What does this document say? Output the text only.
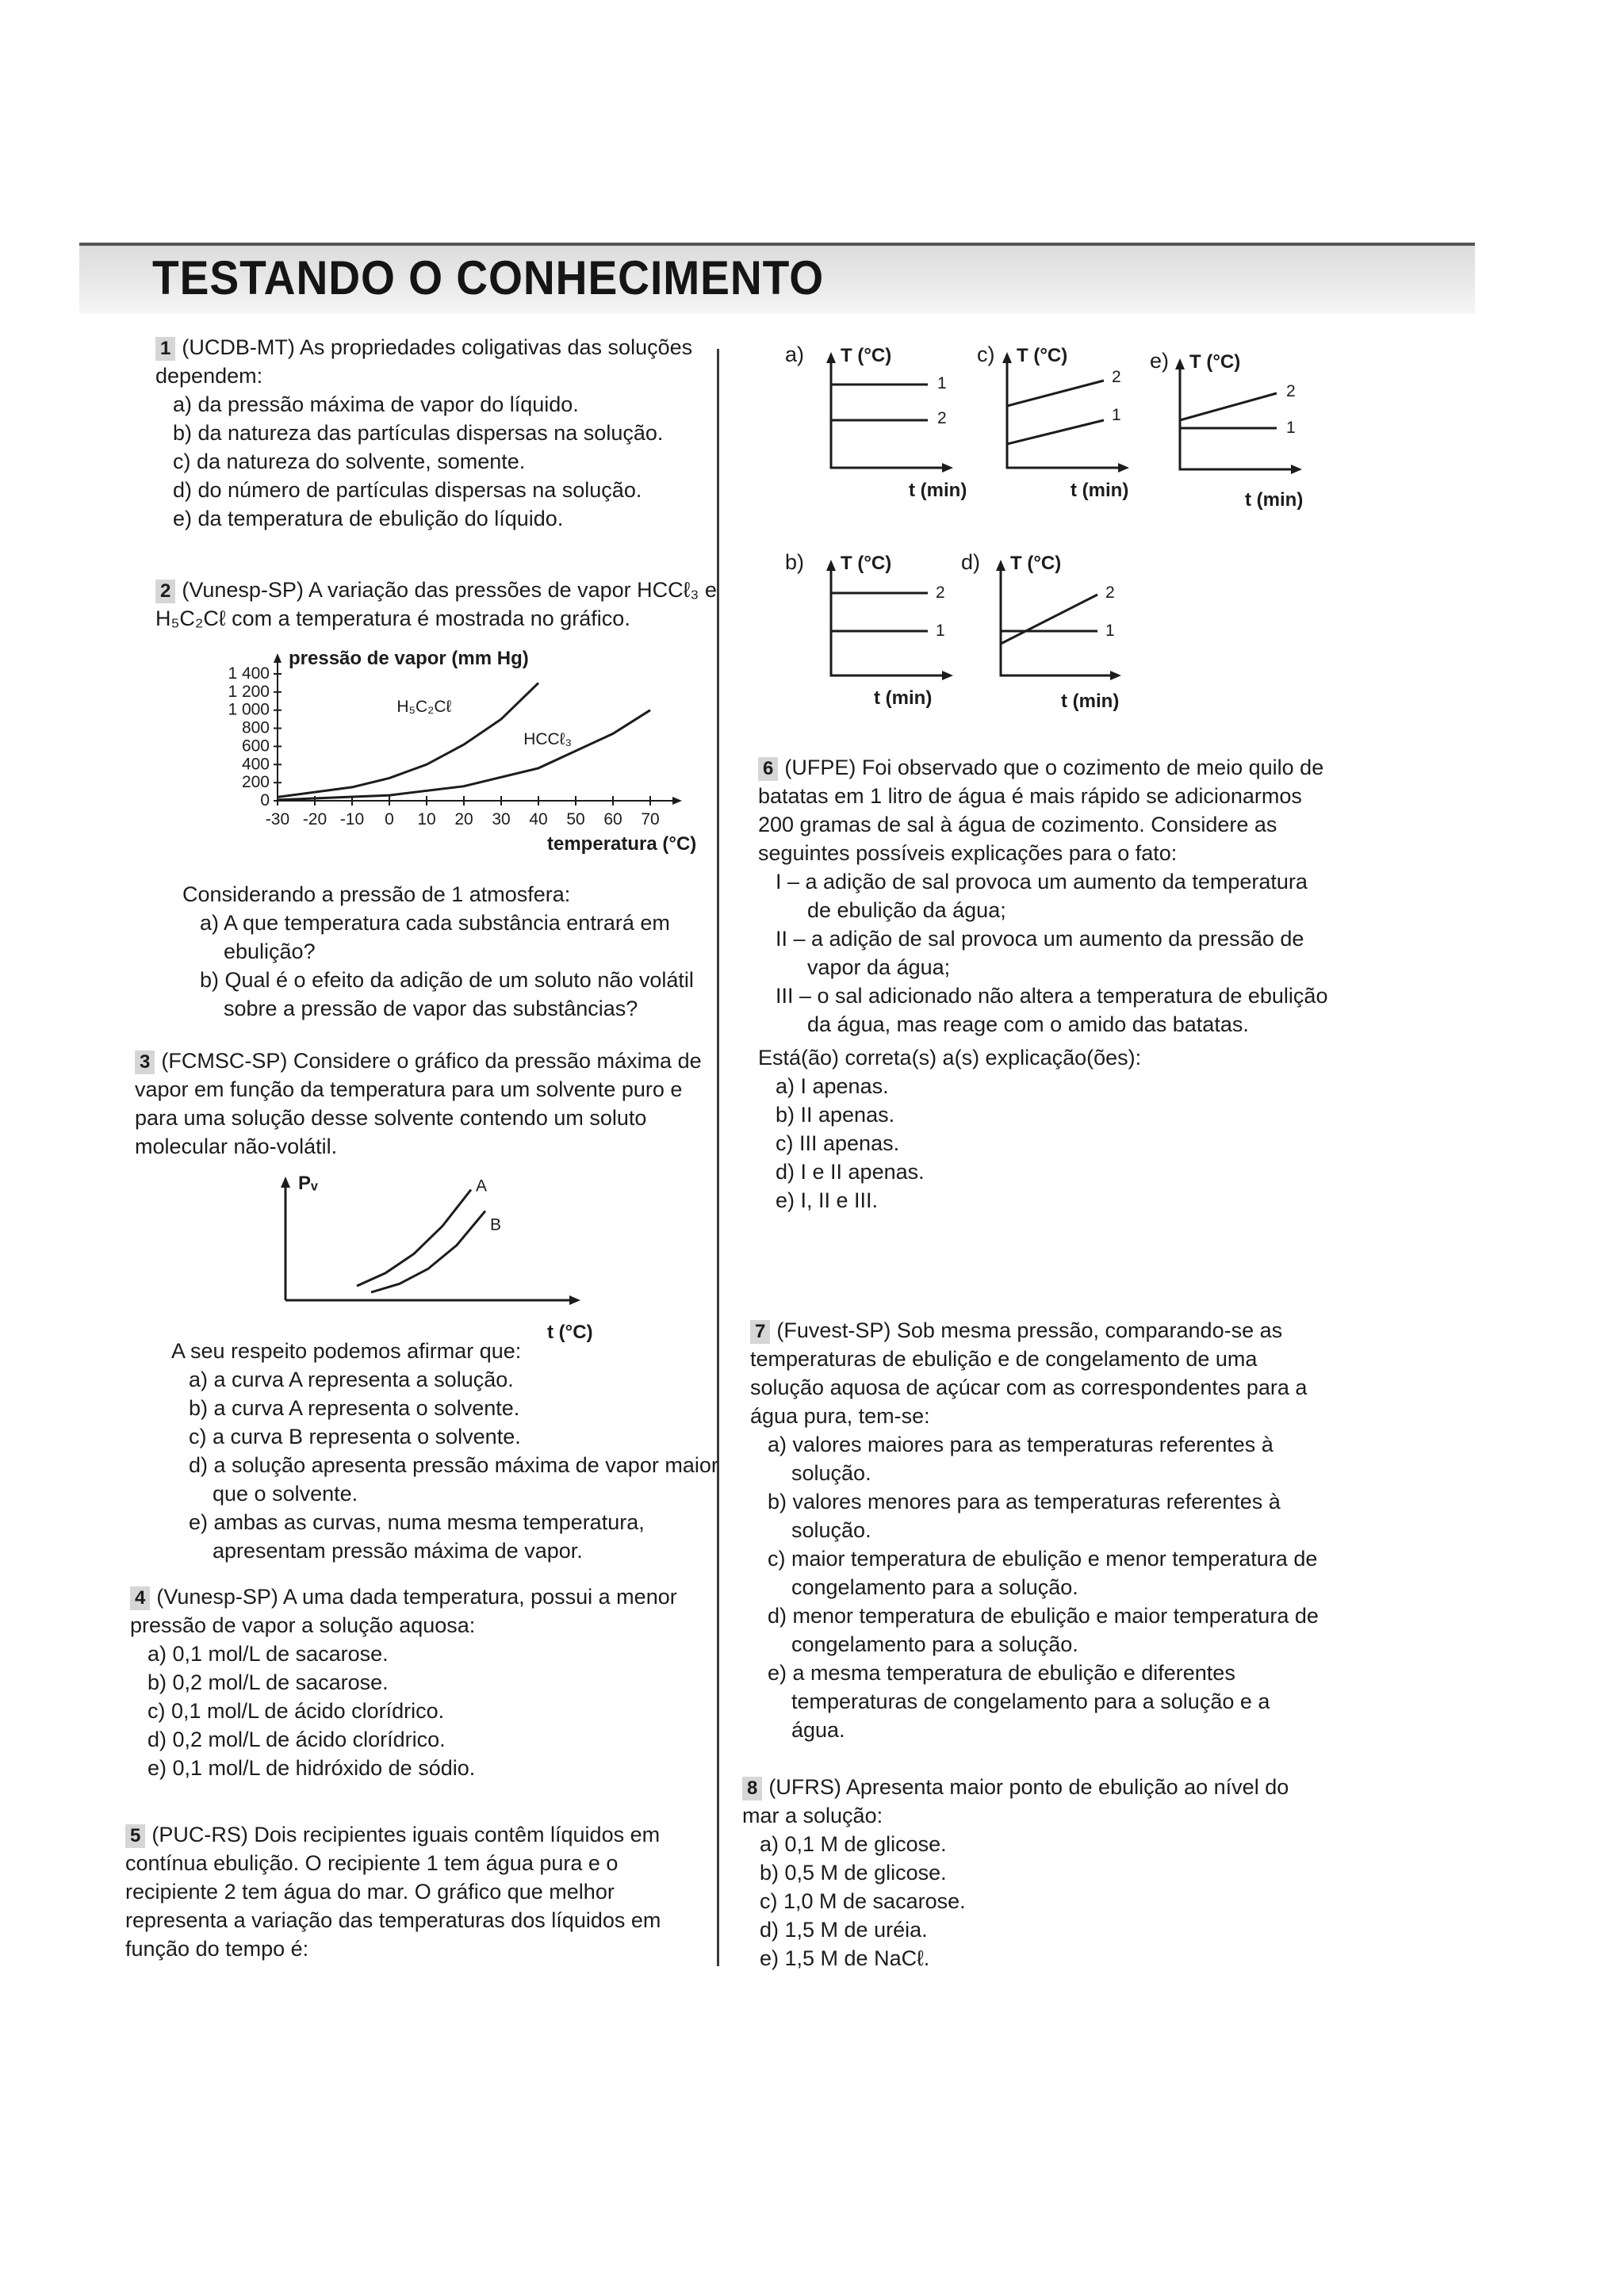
TESTANDO O CONHECIMENTO

1 (UCDB-MT) As propriedades coligativas das soluções dependem:

a) da pressão máxima de vapor do líquido.
b) da natureza das partículas dispersas na solução.
c) da natureza do solvente, somente.
d) do número de partículas dispersas na solução.
e) da temperatura de ebulição do líquido.

2 (Vunesp-SP) A variação das pressões de vapor HCCℓ₃ e H₅C₂Cℓ com a temperatura é mostrada no gráfico.

pressão de vapor (mm Hg)
temperatura (°C)
0
200
400
600
800
1 000
1 200
1 400
-30 -20 -10 0 10 20 30 40 50 60 70
H₅C₂Cℓ
HCCℓ₃

Considerando a pressão de 1 atmosfera:

a) A que temperatura cada substância entrará em ebulição?
b) Qual é o efeito da adição de um soluto não volátil sobre a pressão de vapor das substâncias?

3 (FCMSC-SP) Considere o gráfico da pressão máxima de vapor em função da temperatura para um solvente puro e para uma solução desse solvente contendo um soluto molecular não-volátil.

Pᵥ
t (°C)
A
B

A seu respeito podemos afirmar que:

a) a curva A representa a solução.
b) a curva A representa o solvente.
c) a curva B representa o solvente.
d) a solução apresenta pressão máxima de vapor maior que o solvente.
e) ambas as curvas, numa mesma temperatura, apresentam pressão máxima de vapor.

4 (Vunesp-SP) A uma dada temperatura, possui a menor pressão de vapor a solução aquosa:

a) 0,1 mol/L de sacarose.
b) 0,2 mol/L de sacarose.
c) 0,1 mol/L de ácido clorídrico.
d) 0,2 mol/L de ácido clorídrico.
e) 0,1 mol/L de hidróxido de sódio.

5 (PUC-RS) Dois recipientes iguais contêm líquidos em contínua ebulição. O recipiente 1 tem água pura e o recipiente 2 tem água do mar. O gráfico que melhor representa a variação das temperaturas dos líquidos em função do tempo é:

a) T (°C)
1
2
t (min)
c) T (°C)
2
1
t (min)
e) T (°C)
2
1
t (min)
b) T (°C)
2
1
t (min)
d) T (°C)
2
1
t (min)

6 (UFPE) Foi observado que o cozimento de meio quilo de batatas em 1 litro de água é mais rápido se adicionarmos 200 gramas de sal à água de cozimento. Considere as seguintes possíveis explicações para o fato:

I – a adição de sal provoca um aumento da temperatura de ebulição da água;
II – a adição de sal provoca um aumento da pressão de vapor da água;
III – o sal adicionado não altera a temperatura de ebulição da água, mas reage com o amido das batatas.

Está(ão) correta(s) a(s) explicação(ões):

a) I apenas.
b) II apenas.
c) III apenas.
d) I e II apenas.
e) I, II e III.

7 (Fuvest-SP) Sob mesma pressão, comparando-se as temperaturas de ebulição e de congelamento de uma solução aquosa de açúcar com as correspondentes para a água pura, tem-se:

a) valores maiores para as temperaturas referentes à solução.
b) valores menores para as temperaturas referentes à solução.
c) maior temperatura de ebulição e menor temperatura de congelamento para a solução.
d) menor temperatura de ebulição e maior temperatura de congelamento para a solução.
e) a mesma temperatura de ebulição e diferentes temperaturas de congelamento para a solução e a água.

8 (UFRS) Apresenta maior ponto de ebulição ao nível do mar a solução:

a) 0,1 M de glicose.
b) 0,5 M de glicose.
c) 1,0 M de sacarose.
d) 1,5 M de uréia.
e) 1,5 M de NaCℓ.
